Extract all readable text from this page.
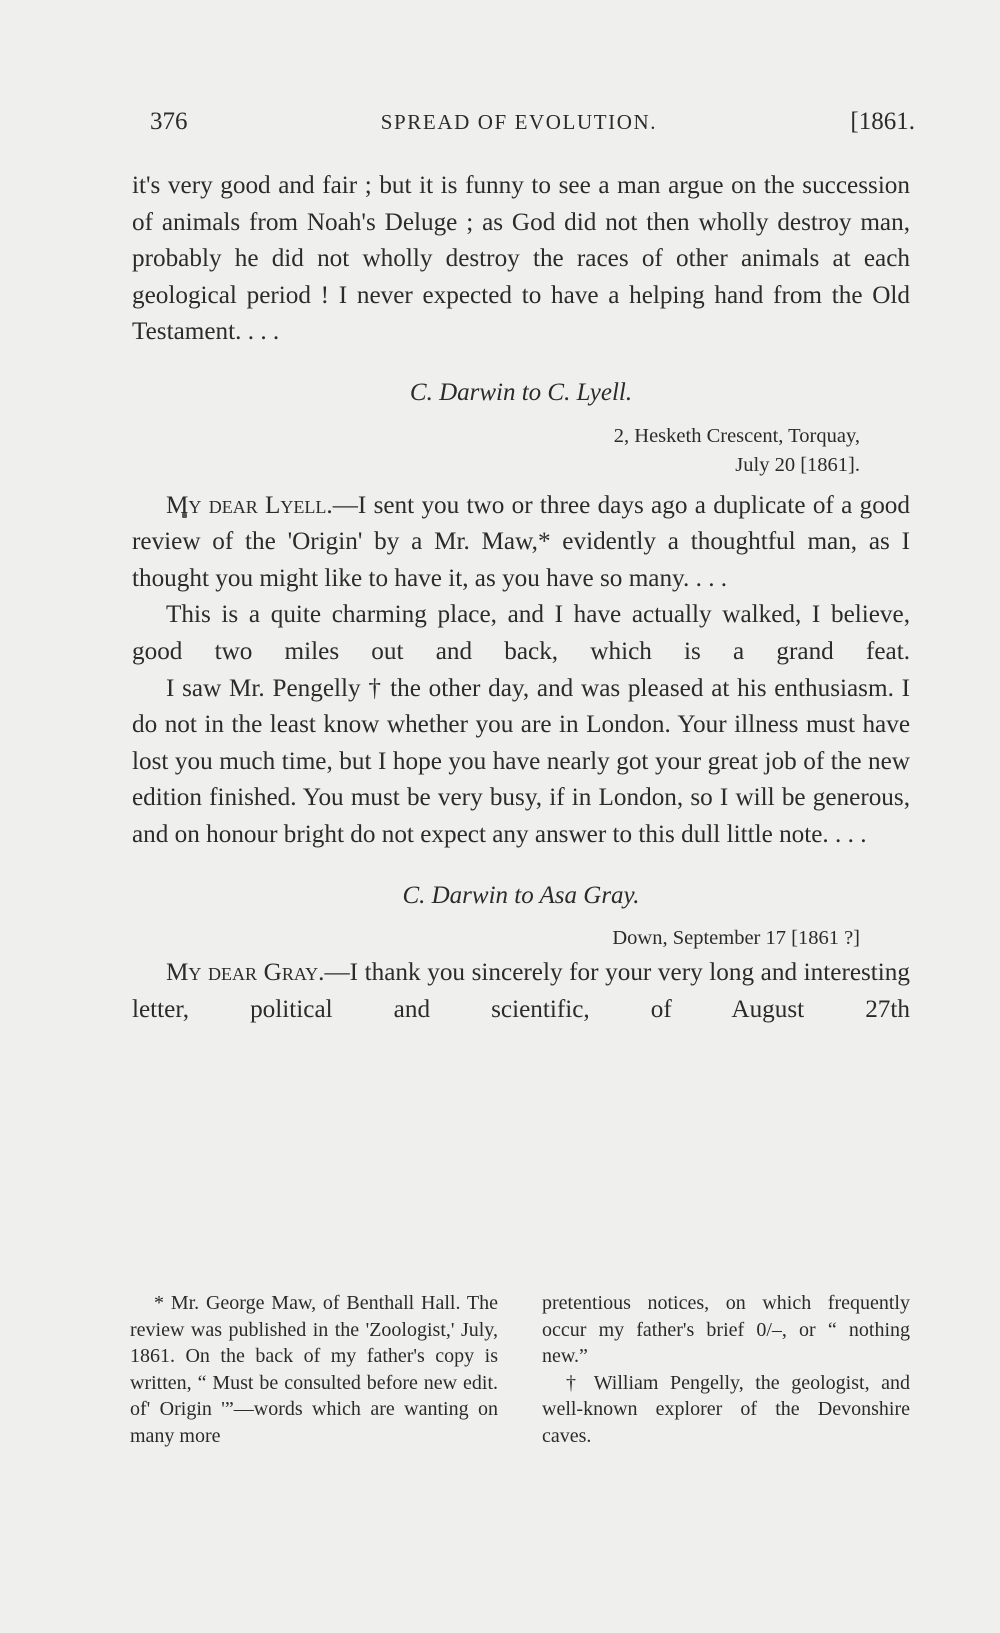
376	SPREAD OF EVOLUTION.	[1861.

it's very good and fair ; but it is funny to see a man argue on the succession of animals from Noah's Deluge ; as God did not then wholly destroy man, probably he did not wholly destroy the races of other animals at each geological period ! I never expected to have a helping hand from the Old Testament. . . .

C. Darwin to C. Lyell.
2, Hesketh Crescent, Torquay,
July 20 [1861].

My dear Lyell.—I sent you two or three days ago a duplicate of a good review of the 'Origin' by a Mr. Maw,* evidently a thoughtful man, as I thought you might like to have it, as you have so many. . . .

This is a quite charming place, and I have actually walked, I believe, good two miles out and back, which is a grand feat.

I saw Mr. Pengelly † the other day, and was pleased at his enthusiasm. I do not in the least know whether you are in London. Your illness must have lost you much time, but I hope you have nearly got your great job of the new edition finished. You must be very busy, if in London, so I will be generous, and on honour bright do not expect any answer to this dull little note. . . .

C. Darwin to Asa Gray.
Down, September 17 [1861 ?]

My dear Gray.—I thank you sincerely for your very long and interesting letter, political and scientific, of August 27th

* Mr. George Maw, of Benthall Hall. The review was published in the 'Zoologist,' July, 1861. On the back of my father's copy is written, “ Must be consulted before new edit. of' Origin '”—words which are wanting on many more

pretentious notices, on which frequently occur my father's brief 0/–, or “ nothing new.”

† William Pengelly, the geologist, and well-known explorer of the Devonshire caves.
